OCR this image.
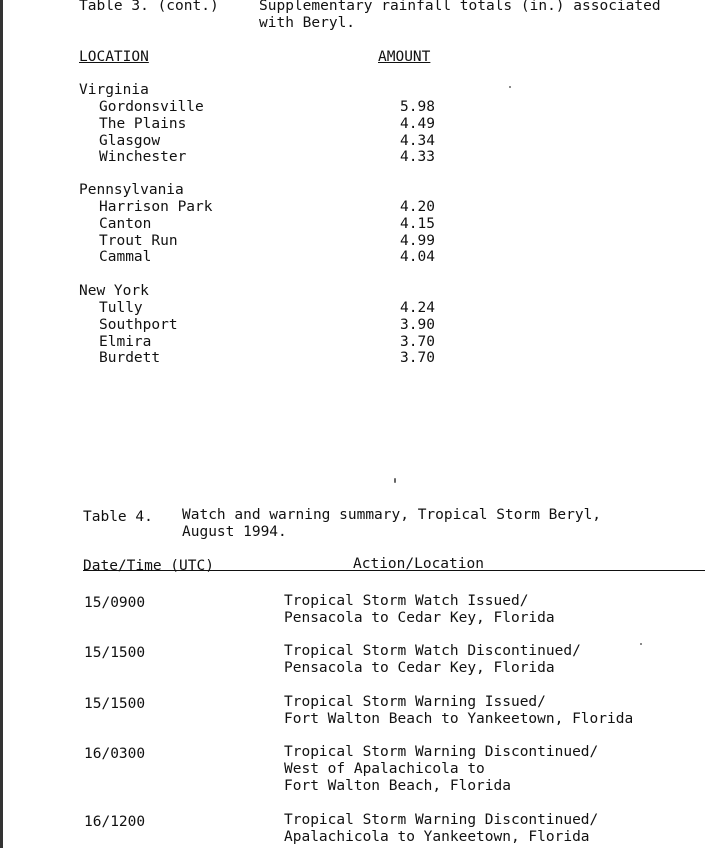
Table 3. (cont.)	Supplementary rainfall totals (in.) associated
with Beryl.
LOCATION	AMOUNT
Virginia
Gordonsville	5.98
The Plains	4.49
Glasgow	4.34
Winchester	4.33
Pennsylvania
Harrison Park	4.20
Canton	4.15
Trout Run	4.99
Cammal	4.04
New York
Tully	4.24
Southport	3.90
Elmira	3.70
Burdett	3.70
Table 4. Watch and warning summary, Tropical Storm Beryl,
August 1994.
Date/Time (UTC)	Action/Location
15/0900	Tropical Storm Watch Issued/
Pensacola to Cedar Key, Florida
15/1500	Tropical Storm Watch Discontinued/
Pensacola to Cedar Key, Florida
15/1500	Tropical Storm Warning Issued/
Fort Walton Beach to Yankeetown, Florida
16/0300	Tropical Storm Warning Discontinued/
West of Apalachicola to
Fort Walton Beach, Florida
16/1200	Tropical Storm Warning Discontinued/
Apalachicola to Yankeetown, Florida
